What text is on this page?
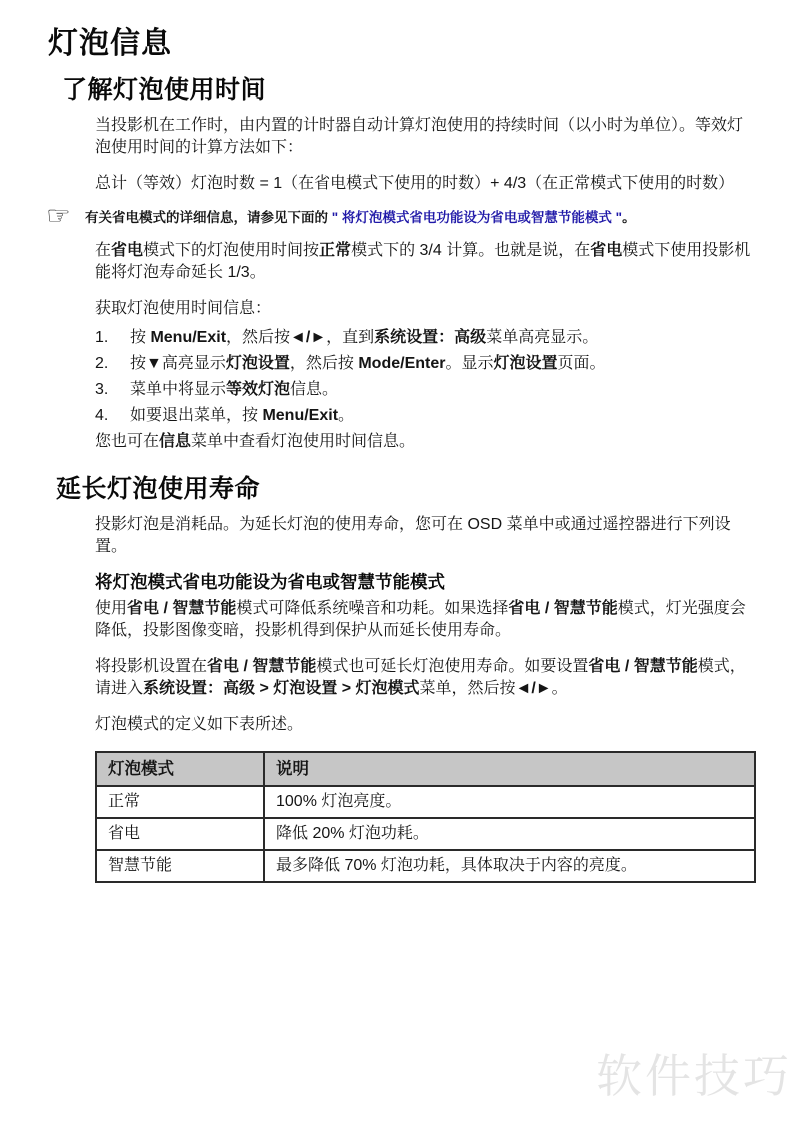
灯泡信息
了解灯泡使用时间

当投影机在工作时，由内置的计时器自动计算灯泡使用的持续时间（以小时为单位）。等效灯泡使用时间的计算方法如下：

总计（等效）灯泡时数 = 1（在省电模式下使用的时数）+ 4/3（在正常模式下使用的时数）

☞	有关省电模式的详细信息，请参见下面的 " 将灯泡模式省电功能设为省电或智慧节能模式 "。

在省电模式下的灯泡使用时间按正常模式下的 3/4 计算。也就是说，在省电模式下使用投影机能将灯泡寿命延长 1/3。

获取灯泡使用时间信息：

1.	按 Menu/Exit，然后按◄/►，直到系统设置：高级菜单高亮显示。
2.	按▼高亮显示灯泡设置，然后按 Mode/Enter。显示灯泡设置页面。
3.	菜单中将显示等效灯泡信息。
4.	如要退出菜单，按 Menu/Exit。

您也可在信息菜单中查看灯泡使用时间信息。

延长灯泡使用寿命

投影灯泡是消耗品。为延长灯泡的使用寿命，您可在 OSD 菜单中或通过遥控器进行下列设置。

将灯泡模式省电功能设为省电或智慧节能模式

使用省电 / 智慧节能模式可降低系统噪音和功耗。如果选择省电 / 智慧节能模式，灯光强度会降低，投影图像变暗，投影机得到保护从而延长使用寿命。

将投影机设置在省电 / 智慧节能模式也可延长灯泡使用寿命。如要设置省电 / 智慧节能模式，请进入系统设置：高级 > 灯泡设置 > 灯泡模式菜单，然后按◄/►。

灯泡模式的定义如下表所述。

灯泡模式	说明
正常	100% 灯泡亮度。
省电	降低 20% 灯泡功耗。
智慧节能	最多降低 70% 灯泡功耗，具体取决于内容的亮度。
软件技巧
